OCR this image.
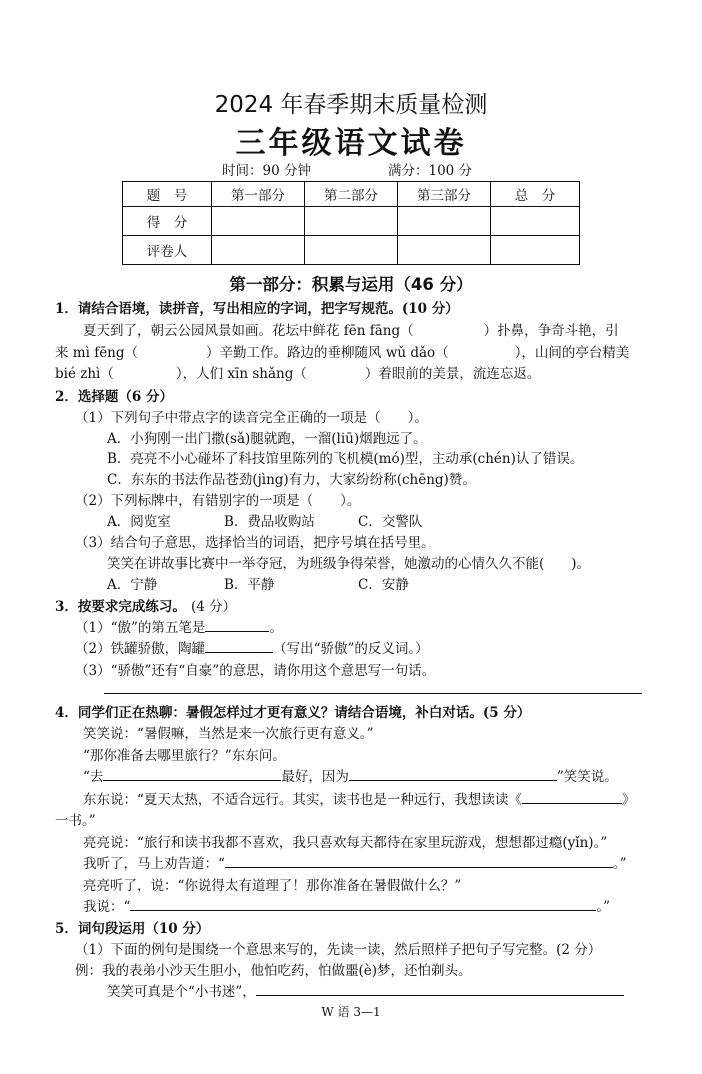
2024 年春季期末质量检测
三年级语文试卷
时间：90 分钟	满分：100 分
题　号	第一部分	第二部分	第三部分	总　分
得　分				
评卷人				
第一部分：积累与运用（46 分）
1．请结合语境，读拼音，写出相应的字词，把字写规范。(10 分）
夏天到了，朝云公园风景如画。花坛中鲜花 fēn fāng（	）扑鼻，争奇斗艳，引
来 mì fēng（	）辛勤工作。路边的垂柳随风 wǔ dǎo（	），山间的亭台精美
bié zhì（	），人们 xīn shǎng（	）着眼前的美景，流连忘返。
2．选择题（6 分）
（1）下列句子中带点字的读音完全正确的一项是（　　）。
A．小狗刚一出门撒(sǎ)腿就跑，一溜(liū)烟跑远了。
B．亮亮不小心碰坏了科技馆里陈列的飞机模(mó)型，主动承(chén)认了错误。
C．东东的书法作品苍劲(jìng)有力，大家纷纷称(chēng)赞。
（2）下列标牌中，有错别字的一项是（　　）。
A．阅览室	B．费品收购站	C．交警队
（3）结合句子意思，选择恰当的词语，把序号填在括号里。
笑笑在讲故事比赛中一举夺冠，为班级争得荣誉，她激动的心情久久不能(　　)。
A．宁静	B．平静	C．安静
3．按要求完成练习。 (4 分）
（1）“傲”的第五笔是	。
（2）铁罐骄傲，陶罐	（写出“骄傲”的反义词。）
（3）“骄傲”还有“自豪”的意思，请你用这个意思写一句话。
4．同学们正在热聊：暑假怎样过才更有意义？请结合语境，补白对话。(5 分）
笑笑说：“暑假嘛，当然是来一次旅行更有意义。”
“那你准备去哪里旅行？”东东问。
“去	最好，因为	”笑笑说。
东东说：“夏天太热，不适合远行。其实，读书也是一种远行，我想读读《	》
一书。”
亮亮说：“旅行和读书我都不喜欢，我只喜欢每天都待在家里玩游戏，想想都过瘾(yǐn)。”
我听了，马上劝告道：“	。”
亮亮听了，说：“你说得太有道理了！那你准备在暑假做什么？”
我说：“	。”
5．词句段运用（10 分）
（1）下面的例句是围绕一个意思来写的，先读一读，然后照样子把句子写完整。(2 分）
例：我的表弟小沙天生胆小，他怕吃药，怕做噩(è)梦，还怕剃头。
笑笑可真是个“小书迷”，
W 语 3—1
